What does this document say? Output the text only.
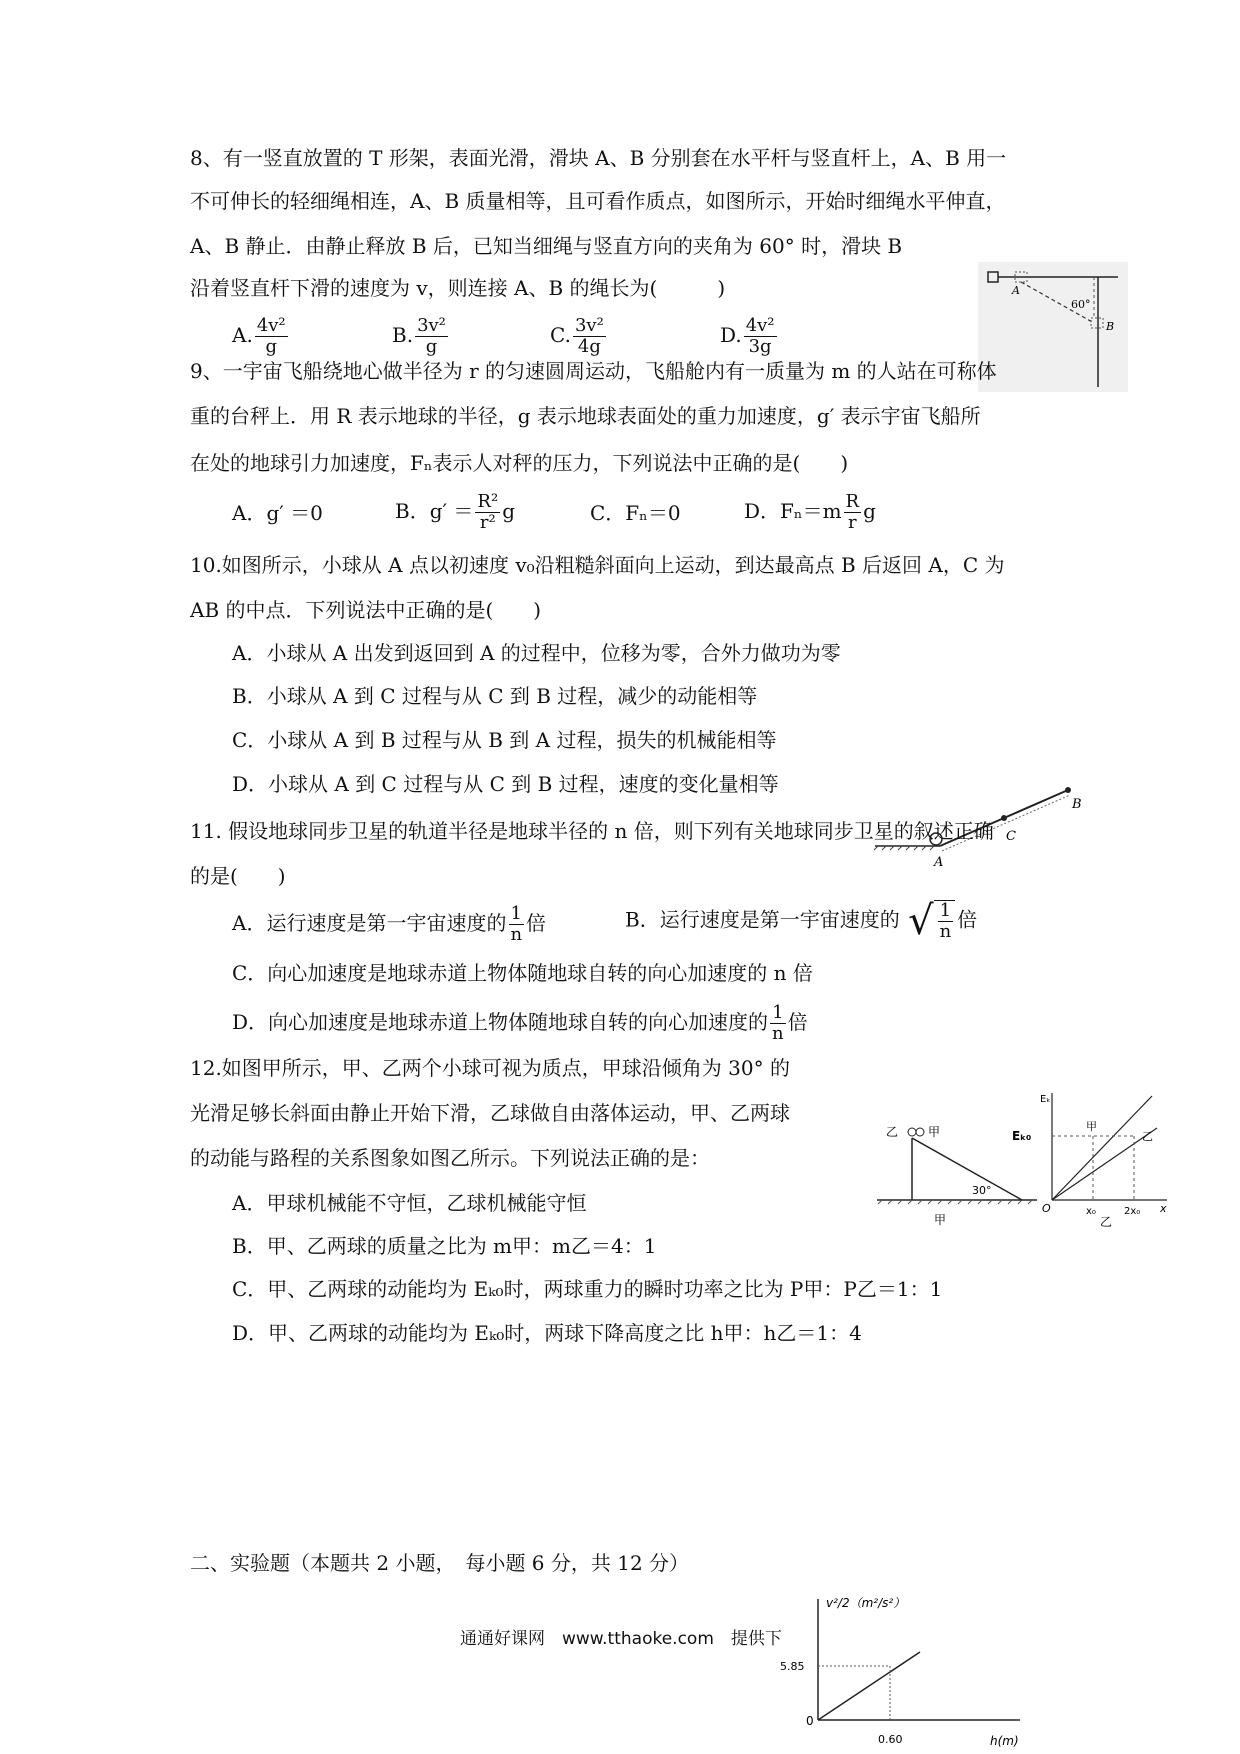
8、有一竖直放置的 T 形架，表面光滑，滑块 A、B 分别套在水平杆与竖直杆上，A、B 用一
不可伸长的轻细绳相连，A、B 质量相等，且可看作质点，如图所示，开始时细绳水平伸直，
A、B 静止．由静止释放 B 后，已知当细绳与竖直方向的夹角为 60° 时，滑块 B
沿着竖直杆下滑的速度为 v，则连接 A、B 的绳长为(　　　)
A. $\frac{\text{4v²}}{g}$	B. $\frac{\text{3v²}}{g}$	C. $\frac{\text{3v²}}{4g}$	D. $\frac{\text{4v²}}{3g}$
A
B
60°
9、一宇宙飞船绕地心做半径为 r 的匀速圆周运动，飞船舱内有一质量为 m 的人站在可称体
重的台秤上．用 R 表示地球的半径，g 表示地球表面处的重力加速度，g′ 表示宇宙飞船所
在处的地球引力加速度，Fₙ表示人对秤的压力，下列说法中正确的是(　　)
A．g′ ＝0	B．$g' = \frac{\text{R²}}{\text{r²}}$ g	C．Fₙ＝0	D．$F_n=m \frac{R}{r}$ g
10.如图所示，小球从 A 点以初速度 v₀沿粗糙斜面向上运动，到达最高点 B 后返回 A，C 为
AB 的中点．下列说法中正确的是(　　)
A．小球从 A 出发到返回到 A 的过程中，位移为零，合外力做功为零
B．小球从 A 到 C 过程与从 C 到 B 过程，减少的动能相等
C．小球从 A 到 B 过程与从 B 到 A 过程，损失的机械能相等
D．小球从 A 到 C 过程与从 C 到 B 过程，速度的变化量相等
A
C
B
11. 假设地球同步卫星的轨道半径是地球半径的 n 倍，则下列有关地球同步卫星的叙述正确
的是(　　)
A．运行速度是第一宇宙速度的 $\frac{1}{n}$ 倍	B．运行速度是第一宇宙速度的 √ $\frac{1}{n}$ 倍
C．向心加速度是地球赤道上物体随地球自转的向心加速度的 n 倍
D．向心加速度是地球赤道上物体随地球自转的向心加速度的 $\frac{1}{n}$ 倍
12.如图甲所示，甲、乙两个小球可视为质点，甲球沿倾角为 30° 的
光滑足够长斜面由静止开始下滑，乙球做自由落体运动，甲、乙两球
的动能与路程的关系图象如图乙所示。下列说法正确的是：
A．甲球机械能不守恒，乙球机械能守恒
B．甲、乙两球的质量之比为 m甲：m乙＝4：1
C．甲、乙两球的动能均为 Eₖ₀时，两球重力的瞬时功率之比为 P甲：P乙＝1：1
D．甲、乙两球的动能均为 Eₖ₀时，两球下降高度之比 h甲：h乙＝1：4
乙 甲
30°
甲
Eₖ
Eₖ₀
甲
乙
O	x₀	2x₀ x
乙
二、实验题（本题共 2 小题，　每小题 6 分，共 12 分）
v²/2（m²/s²）
5.85
0
0.60	h(m)
通通好课网　www.tthaoke.com　提供下
